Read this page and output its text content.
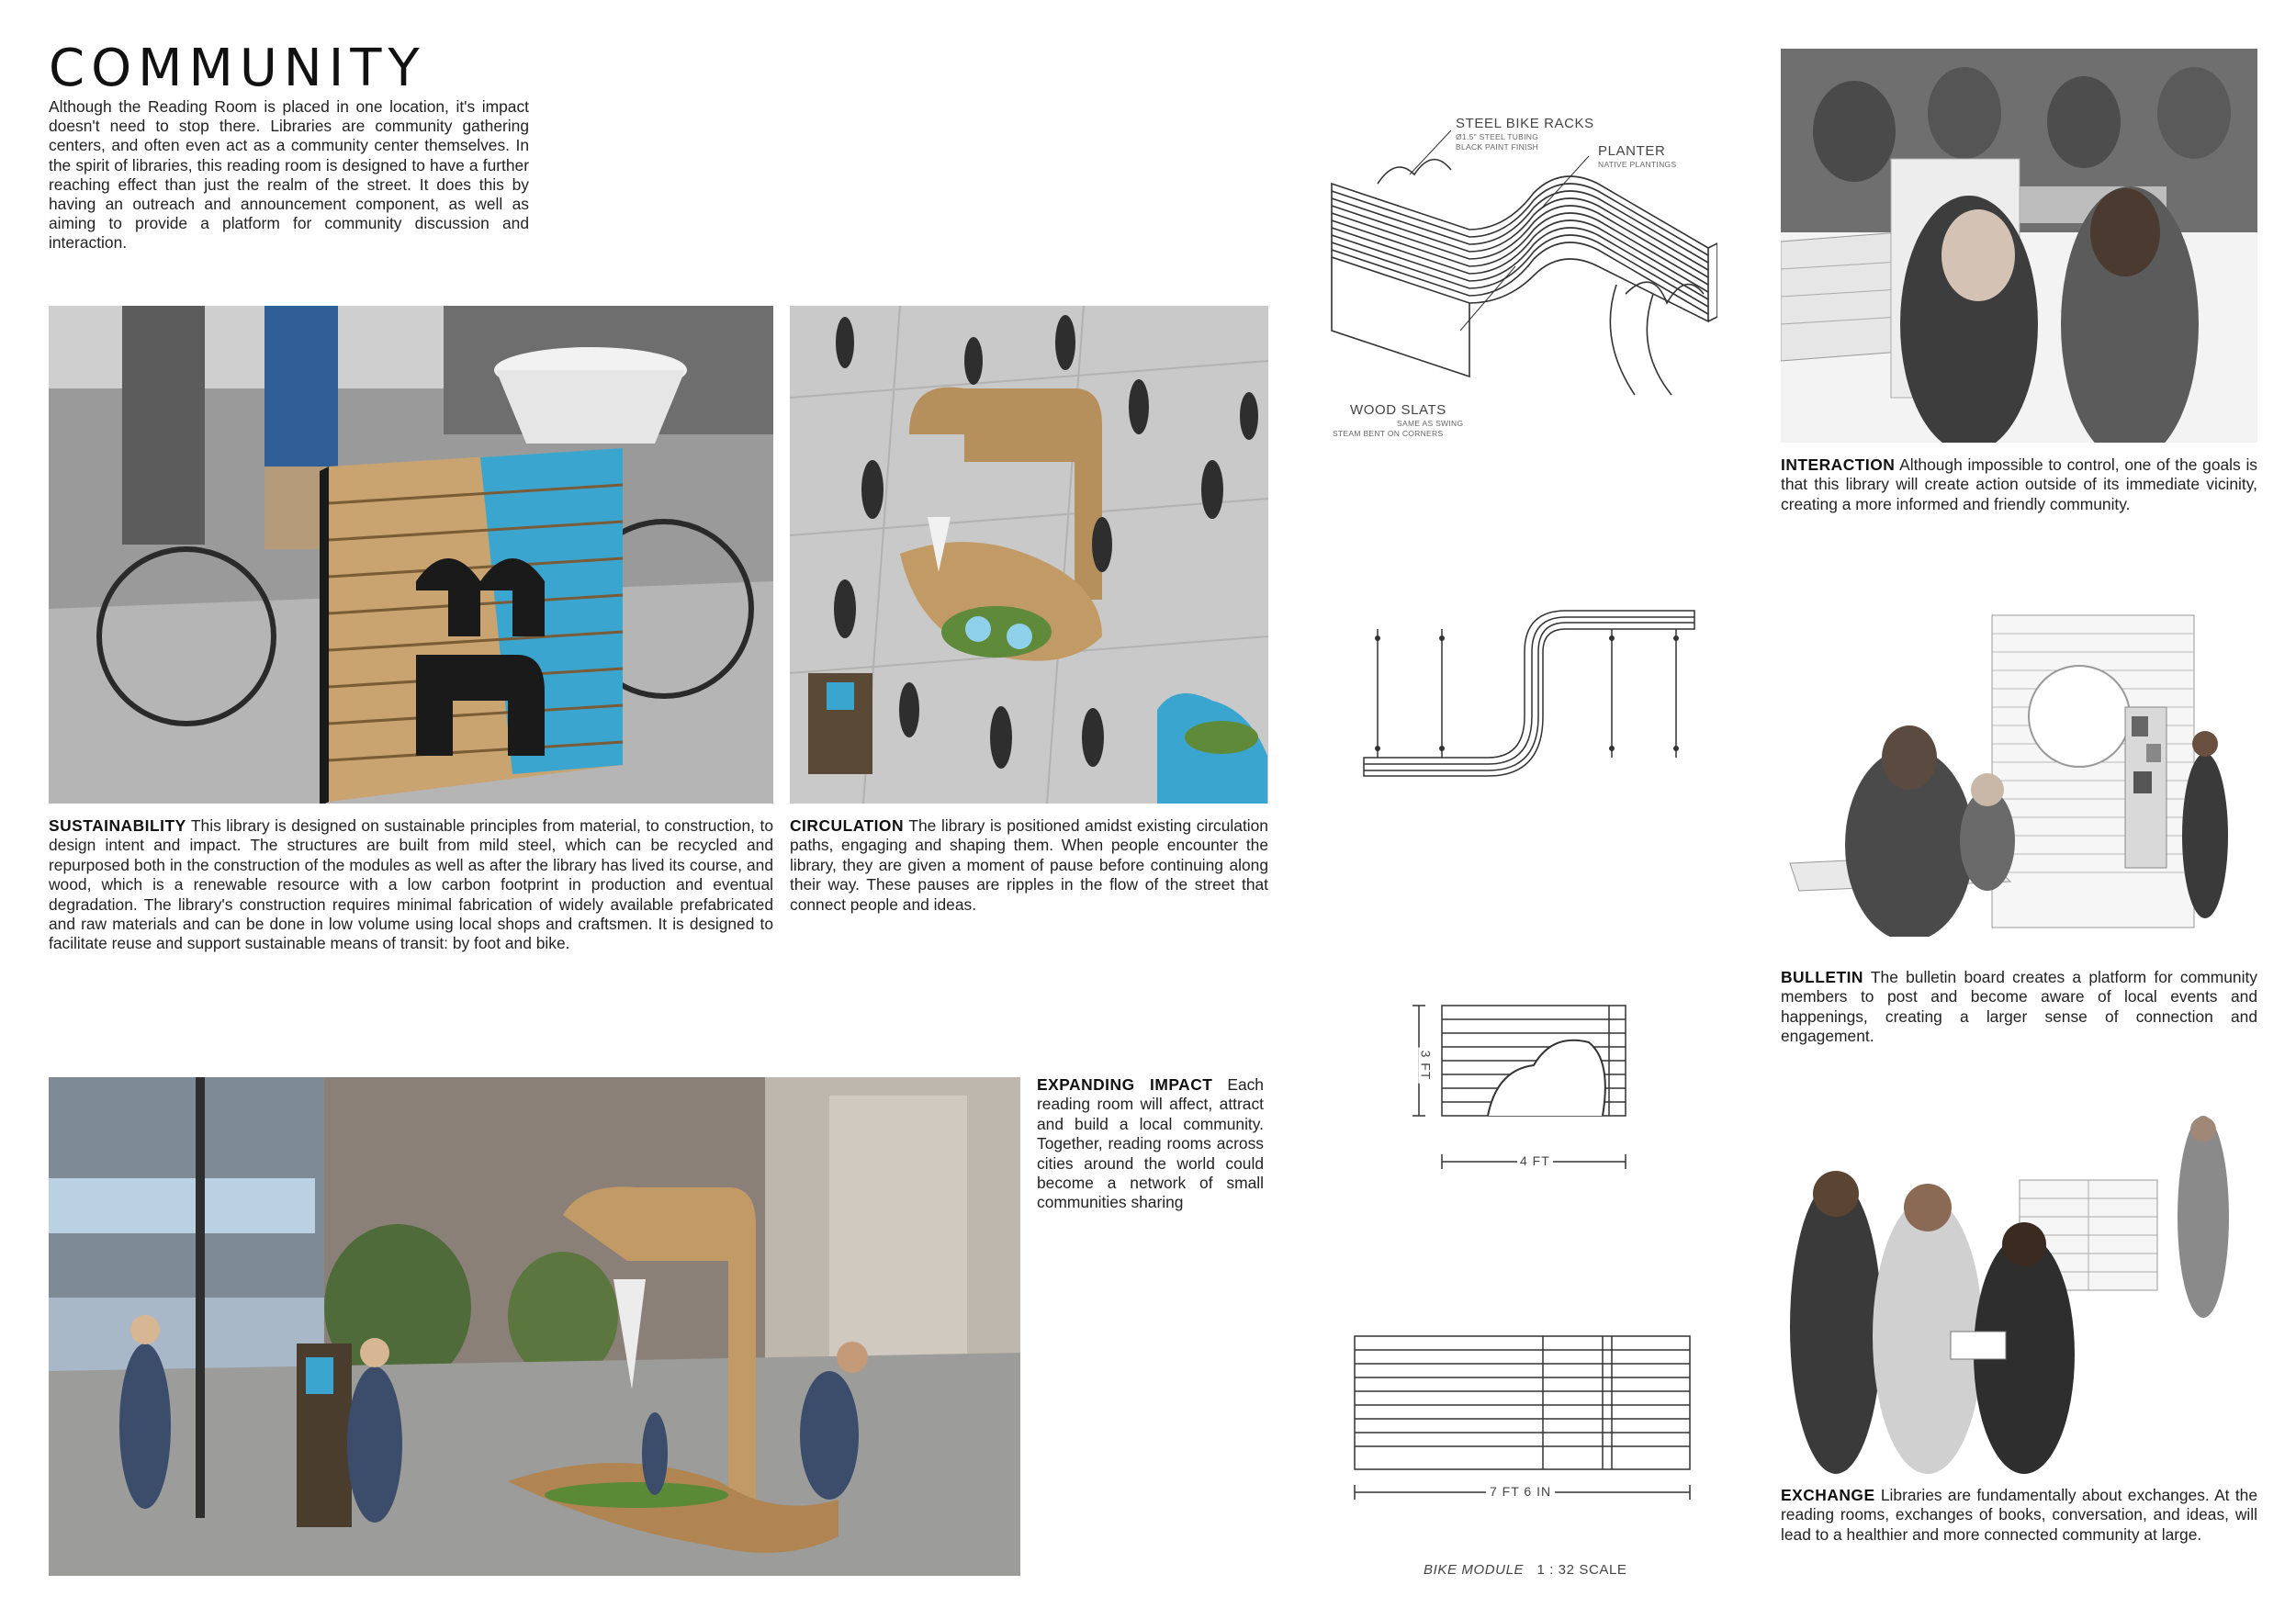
COMMUNITY

Although the Reading Room is placed in one location, it's impact doesn't need to stop there. Libraries are community gathering centers, and often even act as a community center themselves. In the spirit of libraries, this reading room is designed to have a further reaching effect than just the realm of the street. It does this by having an outreach and announcement component, as well as aiming to provide a platform for community discussion and interaction.

SUSTAINABILITY This library is designed on sustainable principles from material, to construction, to design intent and impact. The structures are built from mild steel, which can be recycled and repurposed both in the construction of the modules as well as after the library has lived its course, and wood, which is a renewable resource with a low carbon footprint in production and eventual degradation. The library's construction requires minimal fabrication of widely available prefabricated and raw materials and can be done in low volume using local shops and craftsmen. It is designed to facilitate reuse and support sustainable means of transit: by foot and bike.

CIRCULATION The library is positioned amidst existing circulation paths, engaging and shaping them. When people encounter the library, they are given a moment of pause before continuing along their way. These pauses are ripples in the flow of the street that connect people and ideas.

EXPANDING IMPACT Each reading room will affect, attract and build a local community. Together, reading rooms across cities around the world could become a network of small communities sharing

STEEL BIKE RACKS
Ø1.5" STEEL TUBING
BLACK PAINT FINISH	PLANTER
NATIVE PLANTINGS
WOOD SLATS
SAME AS SWING
STEAM BENT ON CORNERS
3 FT
4 FT
7 FT 6 IN
BIKE MODULE 1 : 32 SCALE

INTERACTION Although impossible to control, one of the goals is that this library will create action outside of its immediate vicinity, creating a more informed and friendly community.

BULLETIN The bulletin board creates a platform for community members to post and become aware of local events and happenings, creating a larger sense of connection and engagement.

EXCHANGE Libraries are fundamentally about exchanges. At the reading rooms, exchanges of books, conversation, and ideas, will lead to a healthier and more connected community at large.
